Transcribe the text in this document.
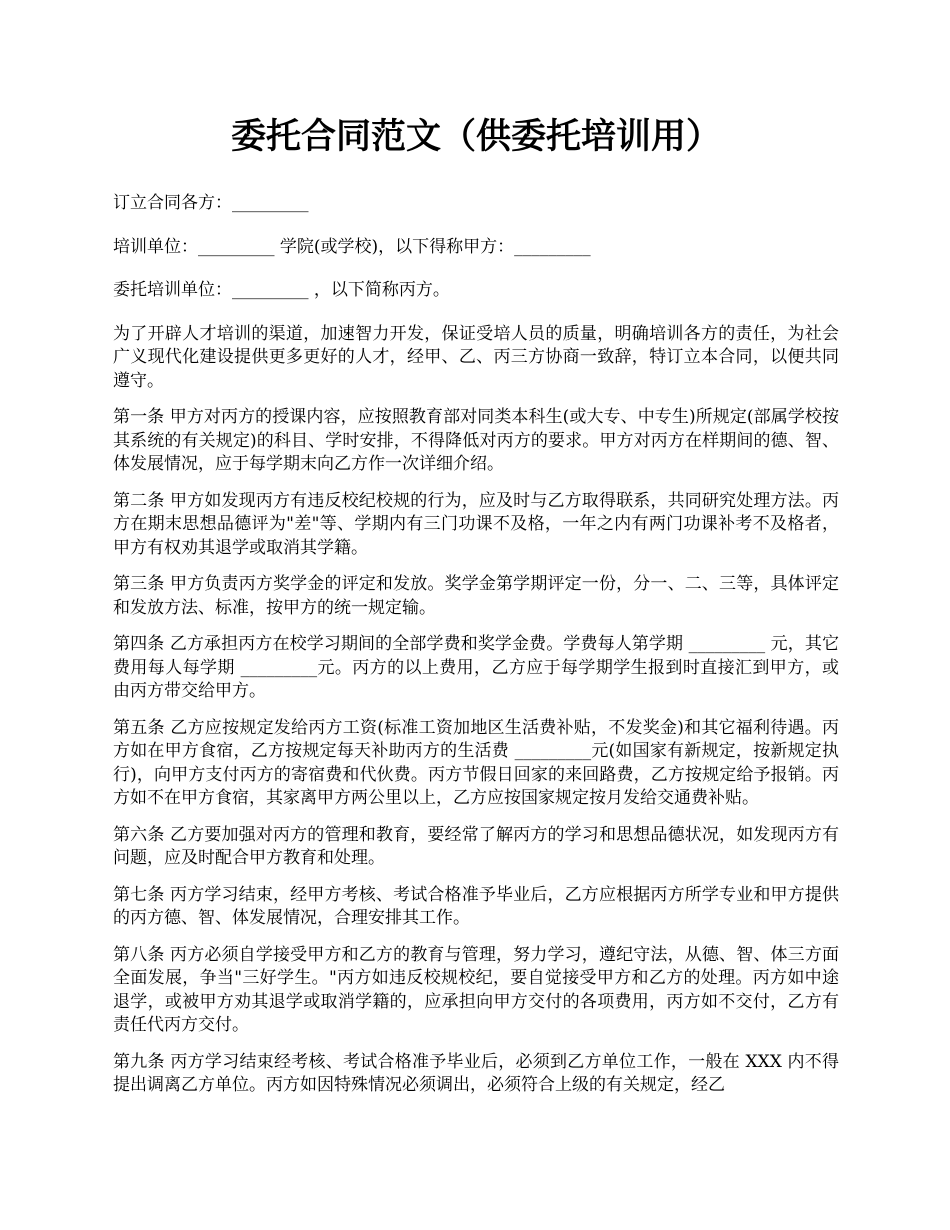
委托合同范文（供委托培训用）

订立合同各方：_________

培训单位：_________ 学院(或学校)，以下得称甲方：_________

委托培训单位：_________ ，以下简称丙方。

为了开辟人才培训的渠道，加速智力开发，保证受培人员的质量，明确培训各方的责任，为社会广义现代化建设提供更多更好的人才，经甲、乙、丙三方协商一致辞，特订立本合同，以便共同遵守。

第一条 甲方对丙方的授课内容，应按照教育部对同类本科生(或大专、中专生)所规定(部属学校按其系统的有关规定)的科目、学时安排，不得降低对丙方的要求。甲方对丙方在样期间的德、智、体发展情况，应于每学期末向乙方作一次详细介绍。

第二条 甲方如发现丙方有违反校纪校规的行为，应及时与乙方取得联系，共同研究处理方法。丙方在期末思想品德评为"差"等、学期内有三门功课不及格，一年之内有两门功课补考不及格者，甲方有权劝其退学或取消其学籍。

第三条 甲方负责丙方奖学金的评定和发放。奖学金第学期评定一份，分一、二、三等，具体评定和发放方法、标准，按甲方的统一规定输。

第四条 乙方承担丙方在校学习期间的全部学费和奖学金费。学费每人第学期 _________ 元，其它费用每人每学期 _________元。丙方的以上费用，乙方应于每学期学生报到时直接汇到甲方，或由丙方带交给甲方。

第五条 乙方应按规定发给丙方工资(标准工资加地区生活费补贴，不发奖金)和其它福利待遇。丙方如在甲方食宿，乙方按规定每天补助丙方的生活费 _________元(如国家有新规定，按新规定执行)，向甲方支付丙方的寄宿费和代伙费。丙方节假日回家的来回路费，乙方按规定给予报销。丙方如不在甲方食宿，其家离甲方两公里以上，乙方应按国家规定按月发给交通费补贴。

第六条 乙方要加强对丙方的管理和教育，要经常了解丙方的学习和思想品德状况，如发现丙方有问题，应及时配合甲方教育和处理。

第七条 丙方学习结束，经甲方考核、考试合格准予毕业后，乙方应根据丙方所学专业和甲方提供的丙方德、智、体发展情况，合理安排其工作。

第八条 丙方必须自学接受甲方和乙方的教育与管理，努力学习，遵纪守法，从德、智、体三方面全面发展，争当"三好学生。"丙方如违反校规校纪，要自觉接受甲方和乙方的处理。丙方如中途退学，或被甲方劝其退学或取消学籍的，应承担向甲方交付的各项费用，丙方如不交付，乙方有责任代丙方交付。

第九条 丙方学习结束经考核、考试合格准予毕业后，必须到乙方单位工作，一般在 XXX 内不得提出调离乙方单位。丙方如因特殊情况必须调出，必须符合上级的有关规定，经乙
